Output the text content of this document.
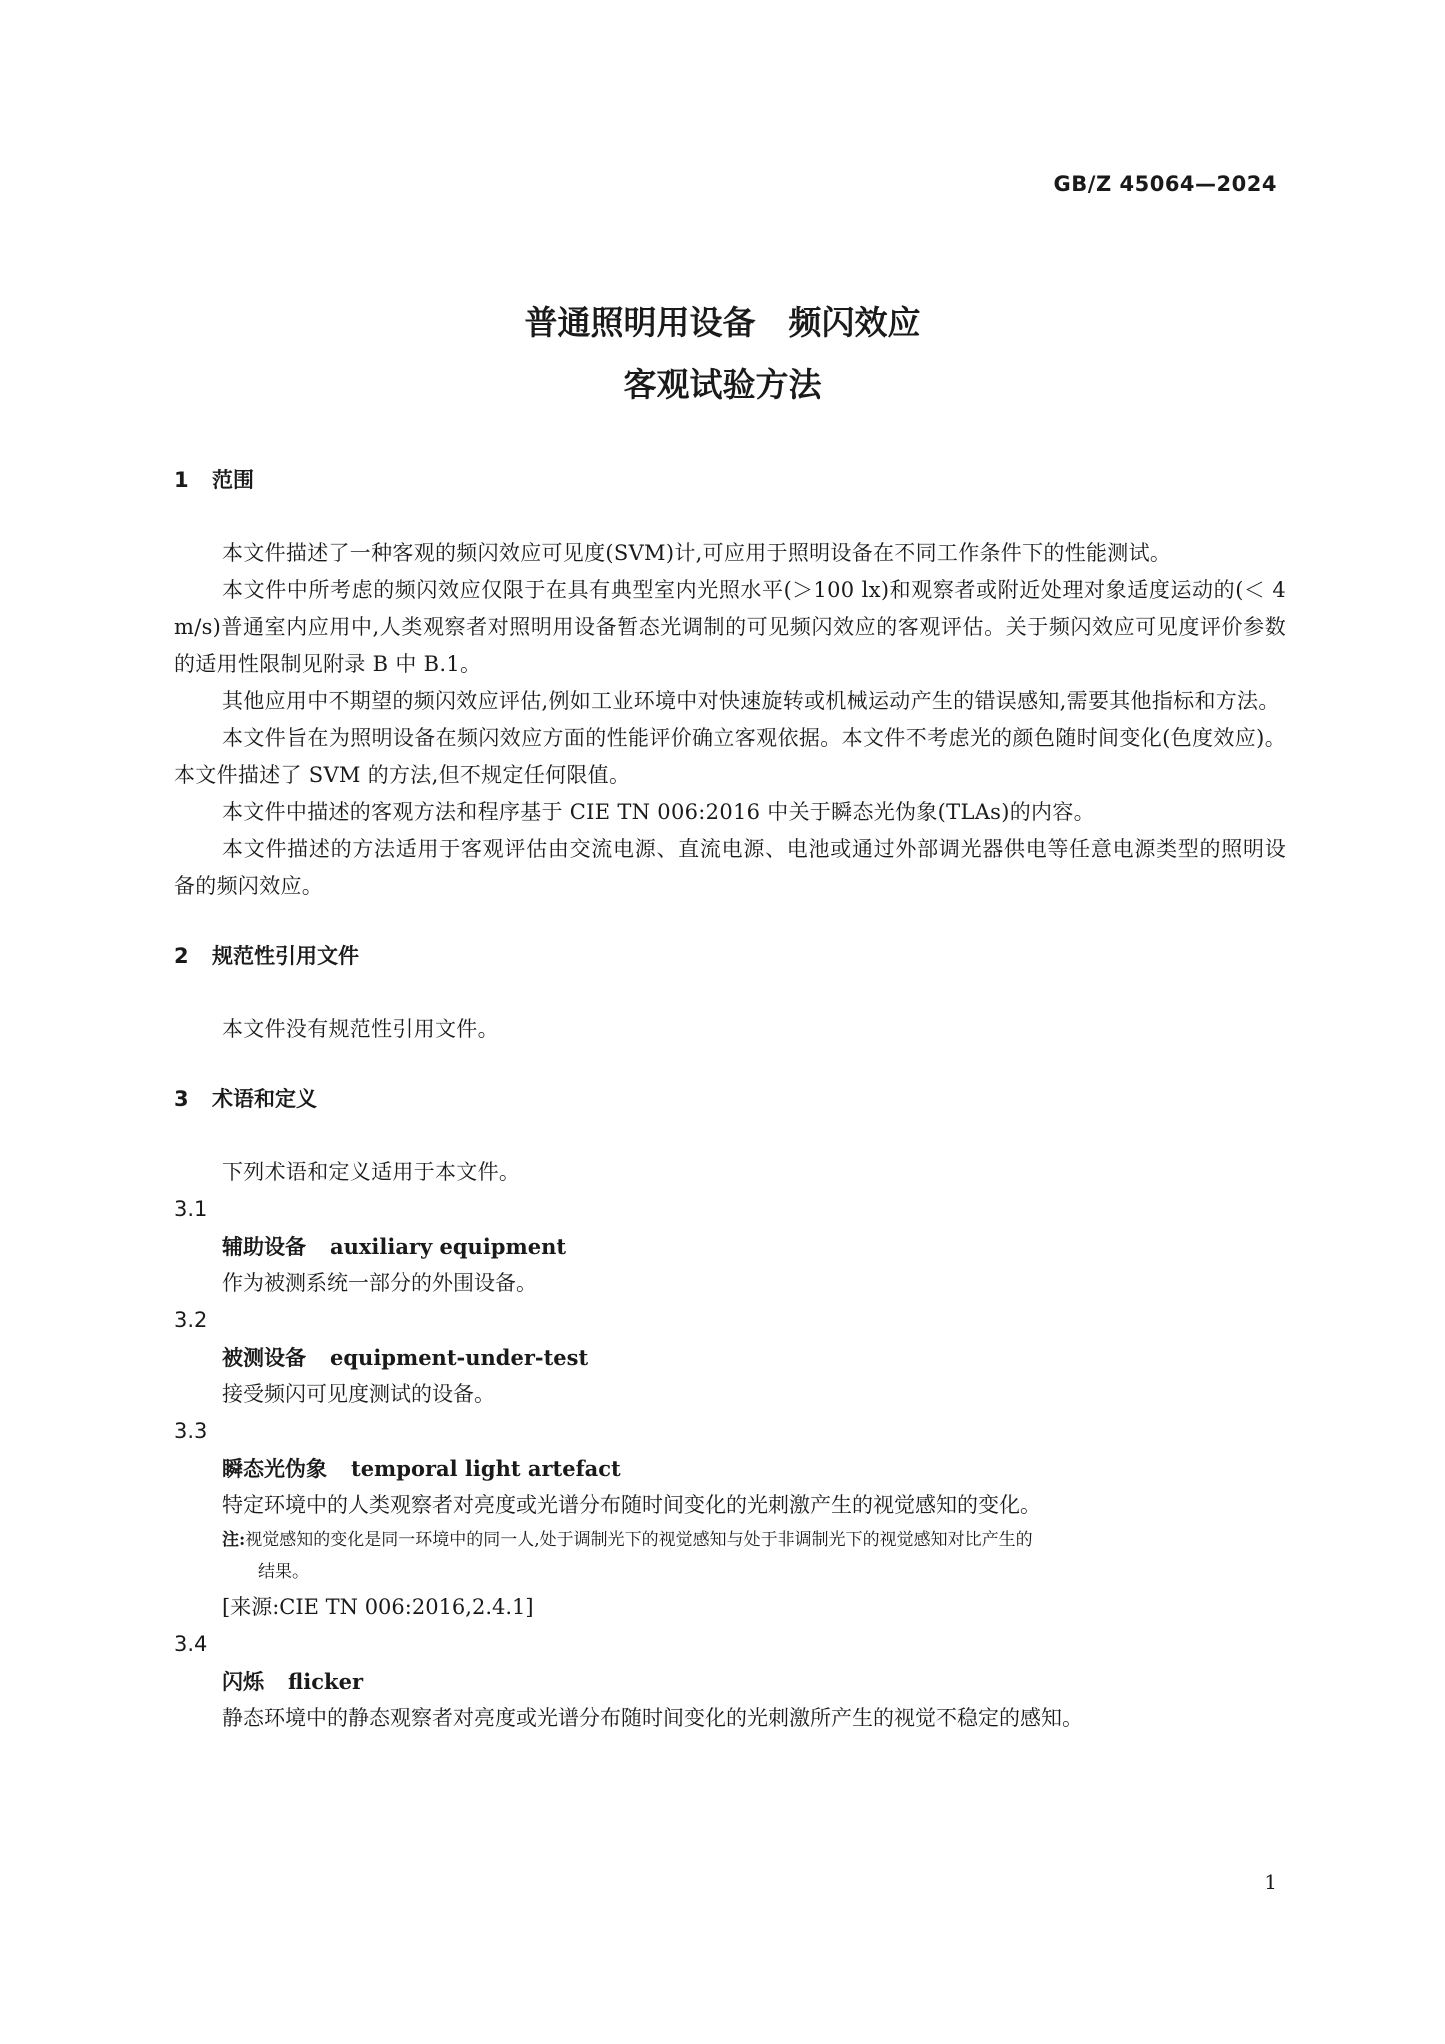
GB/Z 45064—2024
普通照明用设备　频闪效应
客观试验方法
1 范围
本文件描述了一种客观的频闪效应可见度(SVM)计,可应用于照明设备在不同工作条件下的性能测试。
本文件中所考虑的频闪效应仅限于在具有典型室内光照水平(＞100 lx)和观察者或附近处理对象适度运动的(＜ 4 m/s)普通室内应用中,人类观察者对照明用设备暂态光调制的可见频闪效应的客观评估。关于频闪效应可见度评价参数的适用性限制见附录 B 中 B.1。
其他应用中不期望的频闪效应评估,例如工业环境中对快速旋转或机械运动产生的错误感知,需要其他指标和方法。
本文件旨在为照明设备在频闪效应方面的性能评价确立客观依据。本文件不考虑光的颜色随时间变化(色度效应)。本文件描述了 SVM 的方法,但不规定任何限值。
本文件中描述的客观方法和程序基于 CIE TN 006:2016 中关于瞬态光伪象(TLAs)的内容。
本文件描述的方法适用于客观评估由交流电源、直流电源、电池或通过外部调光器供电等任意电源类型的照明设备的频闪效应。
2 规范性引用文件
本文件没有规范性引用文件。
3 术语和定义
下列术语和定义适用于本文件。
3.1
辅助设备 auxiliary equipment
作为被测系统一部分的外围设备。
3.2
被测设备 equipment-under-test
接受频闪可见度测试的设备。
3.3
瞬态光伪象 temporal light artefact
特定环境中的人类观察者对亮度或光谱分布随时间变化的光刺激产生的视觉感知的变化。
注:视觉感知的变化是同一环境中的同一人,处于调制光下的视觉感知与处于非调制光下的视觉感知对比产生的
结果。
[来源:CIE TN 006:2016,2.4.1]
3.4
闪烁 flicker
静态环境中的静态观察者对亮度或光谱分布随时间变化的光刺激所产生的视觉不稳定的感知。
1
